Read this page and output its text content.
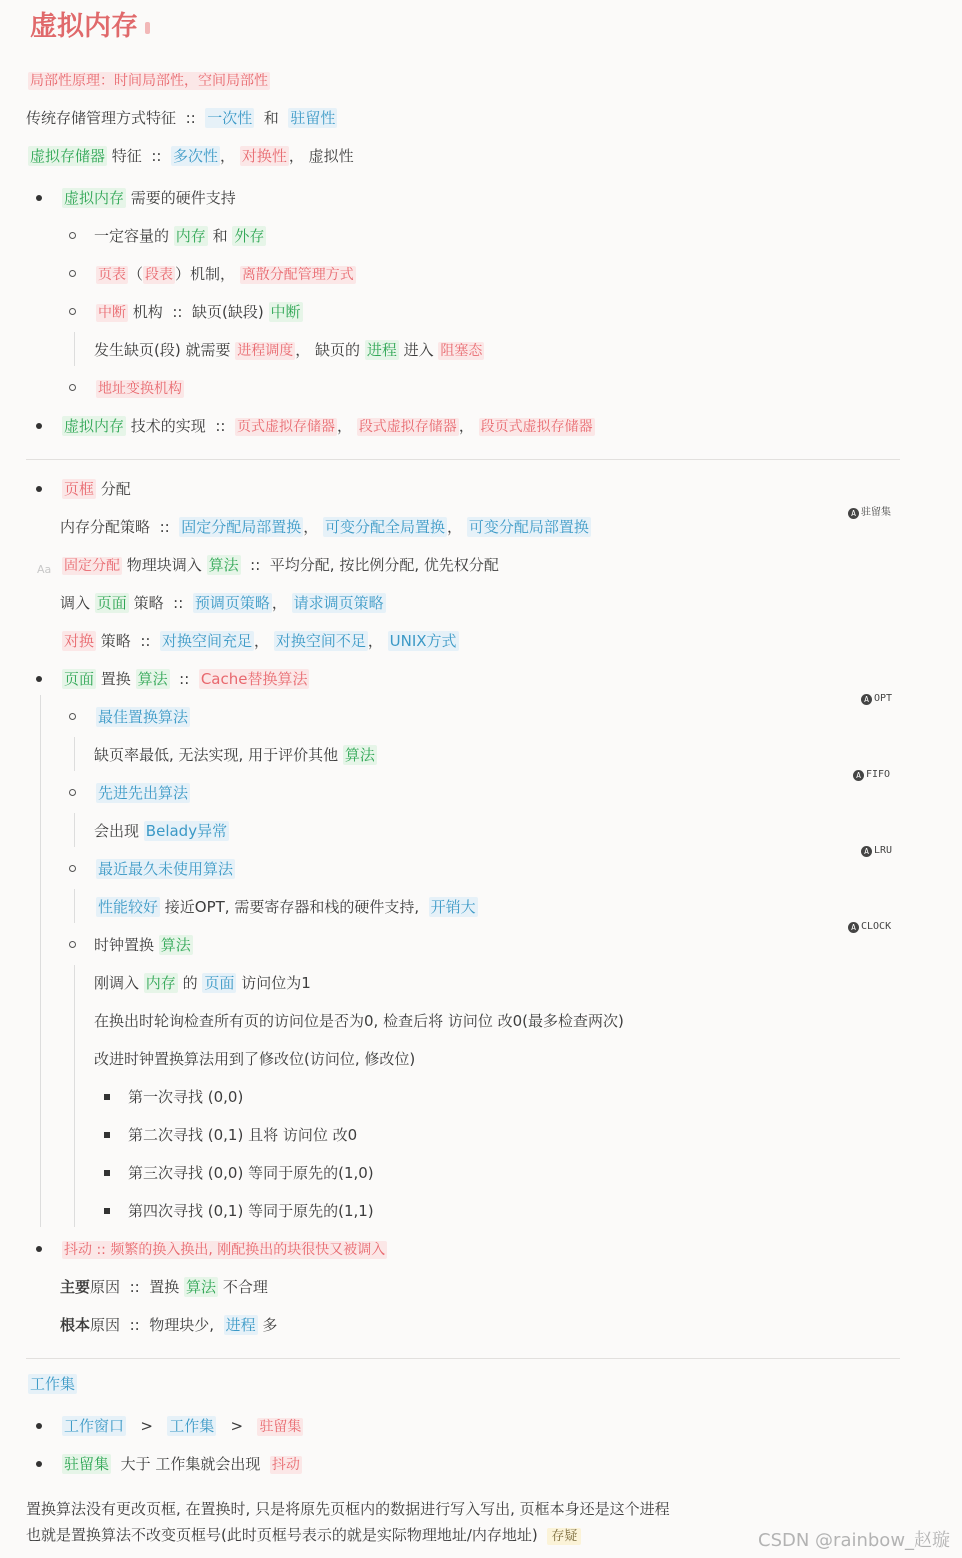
虚拟内存
局部性原理：时间局部性，空间局部性
传统存储管理方式特征 :: 一次性 和 驻留性
虚拟存储器 特征 :: 多次性 ， 对换性 ， 虚拟性
虚拟内存 需要的硬件支持
一定容量的 内存 和 外存
页表 （ 段表 ）机制， 离散分配管理方式
中断 机构 :: 缺页(缺段) 中断
发生缺页(段) 就需要 进程调度 ， 缺页的 进程 进入 阻塞态
地址变换机构
虚拟内存 技术的实现 :: 页式虚拟存储器 ， 段式虚拟存储器 ， 段页式虚拟存储器
页框 分配
A 驻留集
内存分配策略 :: 固定分配局部置换 ， 可变分配全局置换 ， 可变分配局部置换
Aa 固定分配 物理块调入 算法 :: 平均分配, 按比例分配, 优先权分配
调入 页面 策略 :: 预调页策略 ， 请求调页策略
对换 策略 :: 对换空间充足 ， 对换空间不足 ， UNIX方式
页面 置换 算法 :: Cache替换算法
A OPT
最佳置换算法
缺页率最低, 无法实现, 用于评价其他 算法
A FIFO
先进先出算法
会出现 Belady异常
A LRU
最近最久未使用算法
性能较好 接近OPT, 需要寄存器和栈的硬件支持, 开销大
A CLOCK
时钟置换 算法
刚调入 内存 的 页面 访问位为1
在换出时轮询检查所有页的访问位是否为0, 检查后将 访问位 改0(最多检查两次)
改进时钟置换算法用到了修改位(访问位, 修改位)
第一次寻找 (0,0)
第二次寻找 (0,1) 且将 访问位 改0
第三次寻找 (0,0) 等同于原先的(1,0)
第四次寻找 (0,1) 等同于原先的(1,1)
抖动 :: 频繁的换入换出, 刚配换出的块很快又被调入
主要原因 :: 置换 算法 不合理
根本原因 :: 物理块少, 进程 多
工作集
工作窗口 > 工作集 > 驻留集
驻留集 大于 工作集就会出现 抖动
置换算法没有更改页框, 在置换时, 只是将原先页框内的数据进行写入写出, 页框本身还是这个进程
也就是置换算法不改变页框号(此时页框号表示的就是实际物理地址/内存地址) 存疑	CSDN @rainbow_赵璇
